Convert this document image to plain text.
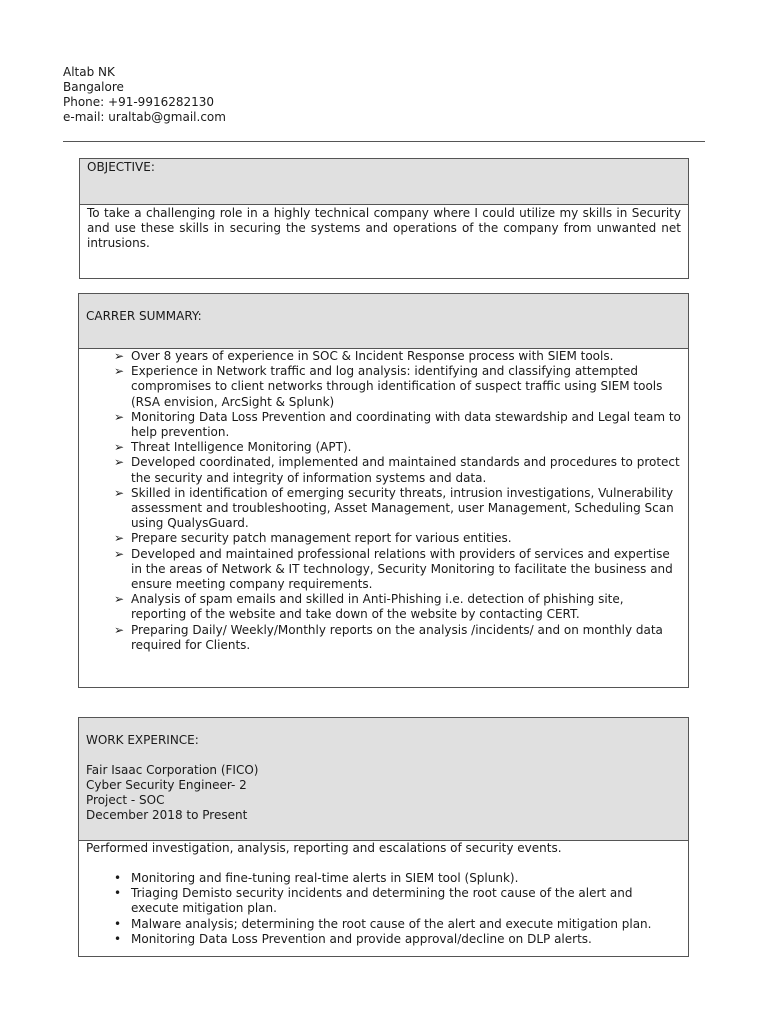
Altab NK
Bangalore
Phone: +91-9916282130
e-mail: uraltab@gmail.com
OBJECTIVE:
To take a challenging role in a highly technical company where I could utilize my skills in Security and use these skills in securing the systems and operations of the company from unwanted net intrusions.
CARRER SUMMARY:
➢ Over 8 years of experience in SOC & Incident Response process with SIEM tools.
➢ Experience in Network traffic and log analysis: identifying and classifying attempted compromises to client networks through identification of suspect traffic using SIEM tools (RSA envision, ArcSight & Splunk)
➢ Monitoring Data Loss Prevention and coordinating with data stewardship and Legal team to help prevention.
➢ Threat Intelligence Monitoring (APT).
➢ Developed coordinated, implemented and maintained standards and procedures to protect the security and integrity of information systems and data.
➢ Skilled in identification of emerging security threats, intrusion investigations, Vulnerability assessment and troubleshooting, Asset Management, user Management, Scheduling Scan using QualysGuard.
➢ Prepare security patch management report for various entities.
➢ Developed and maintained professional relations with providers of services and expertise in the areas of Network & IT technology, Security Monitoring to facilitate the business and ensure meeting company requirements.
➢ Analysis of spam emails and skilled in Anti-Phishing i.e. detection of phishing site, reporting of the website and take down of the website by contacting CERT.
➢ Preparing Daily/ Weekly/Monthly reports on the analysis /incidents/ and on monthly data required for Clients.
WORK EXPERINCE:
Fair Isaac Corporation (FICO)
Cyber Security Engineer- 2
Project - SOC
December 2018 to Present
Performed investigation, analysis, reporting and escalations of security events.
• Monitoring and fine-tuning real-time alerts in SIEM tool (Splunk).
• Triaging Demisto security incidents and determining the root cause of the alert and execute mitigation plan.
• Malware analysis; determining the root cause of the alert and execute mitigation plan.
• Monitoring Data Loss Prevention and provide approval/decline on DLP alerts.
